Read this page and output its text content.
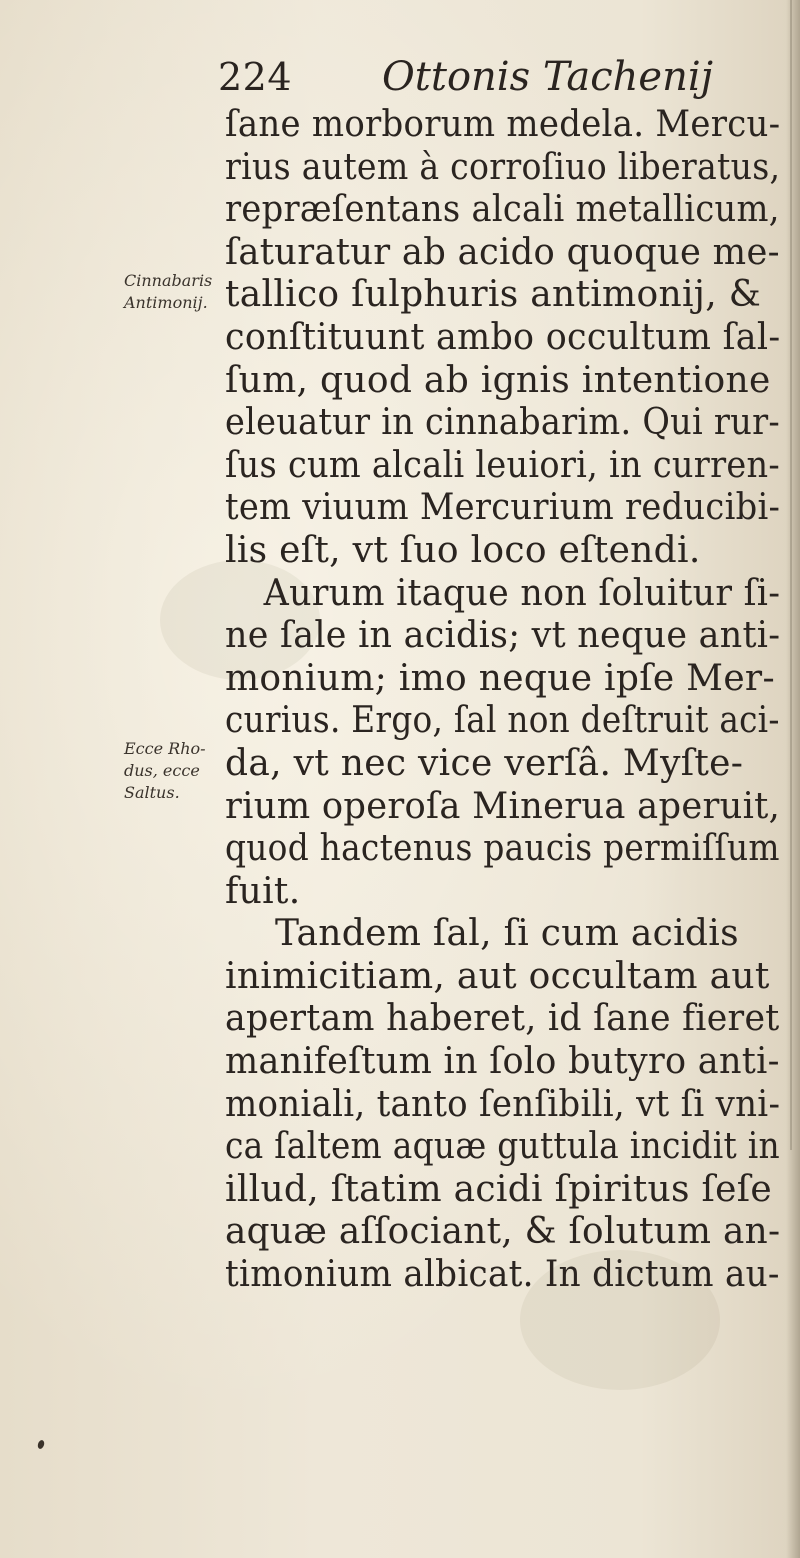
224 Ottonis Tachenij
Cinnabaris
Antimonij.
Ecce Rho-
dus, ecce
Saltus.
ſane morborum medela. Mercu-
rius autem à corroſiuo liberatus,
repræſentans alcali metallicum,
ſaturatur ab acido quoque me-
tallico ſulphuris antimonij, &
conſtituunt ambo occultum ſal-
ſum, quod ab ignis intentione
eleuatur in cinnabarim. Qui rur-
ſus cum alcali leuiori, in curren-
tem viuum Mercurium reducibi-
lis eſt, vt ſuo loco eſtendi.
Aurum itaque non ſoluitur ſi-
ne ſale in acidis; vt neque anti-
monium; imo neque ipſe Mer-
curius. Ergo, ſal non deſtruit aci-
da, vt nec vice verſâ. Myſte-
rium operoſa Minerua aperuit,
quod hactenus paucis permiſſum
fuit.
Tandem ſal, ſi cum acidis
inimicitiam, aut occultam aut
apertam haberet, id ſane fieret
manifeſtum in ſolo butyro anti-
moniali, tanto ſenſibili, vt ſi vni-
ca ſaltem aquæ guttula incidit in
illud, ſtatim acidi ſpiritus ſeſe
aquæ aſſociant, & ſolutum an-
timonium albicat. In dictum au-
